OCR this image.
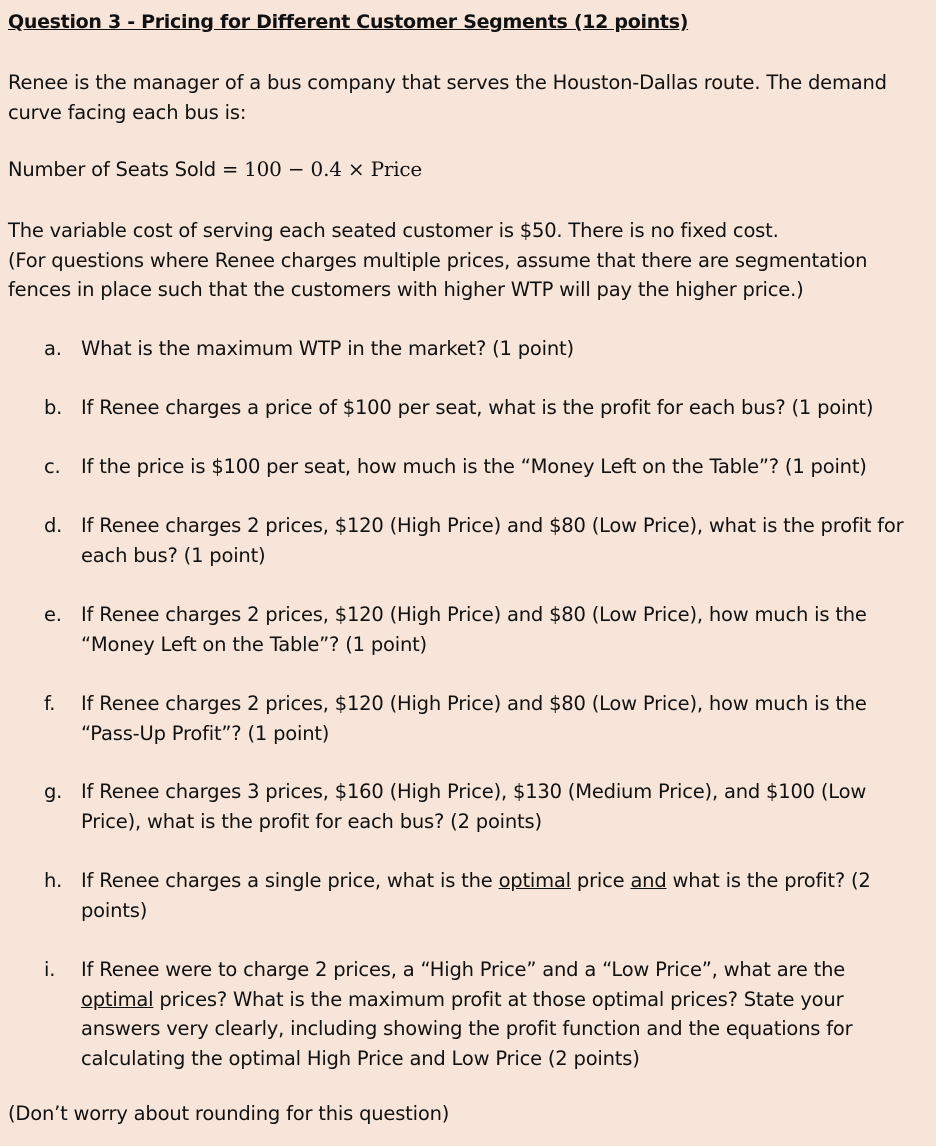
Question 3 - Pricing for Different Customer Segments (12 points)
Renee is the manager of a bus company that serves the Houston-Dallas route. The demand
curve facing each bus is:
Number of Seats Sold = 100 − 0.4 × Price
The variable cost of serving each seated customer is $50. There is no fixed cost.
(For questions where Renee charges multiple prices, assume that there are segmentation
fences in place such that the customers with higher WTP will pay the higher price.)
a. What is the maximum WTP in the market? (1 point)
b. If Renee charges a price of $100 per seat, what is the profit for each bus? (1 point)
c.	If the price is $100 per seat, how much is the “Money Left on the Table”? (1 point)
d. If Renee charges 2 prices, $120 (High Price) and $80 (Low Price), what is the profit for
each bus? (1 point)
e. If Renee charges 2 prices, $120 (High Price) and $80 (Low Price), how much is the
“Money Left on the Table”? (1 point)
f.	If Renee charges 2 prices, $120 (High Price) and $80 (Low Price), how much is the
“Pass-Up Profit”? (1 point)
g. If Renee charges 3 prices, $160 (High Price), $130 (Medium Price), and $100 (Low
Price), what is the profit for each bus? (2 points)
h. If Renee charges a single price, what is the optimal price and what is the profit? (2
points)
i.	If Renee were to charge 2 prices, a “High Price” and a “Low Price”, what are the
optimal prices? What is the maximum profit at those optimal prices? State your
answers very clearly, including showing the profit function and the equations for
calculating the optimal High Price and Low Price (2 points)
(Don’t worry about rounding for this question)
